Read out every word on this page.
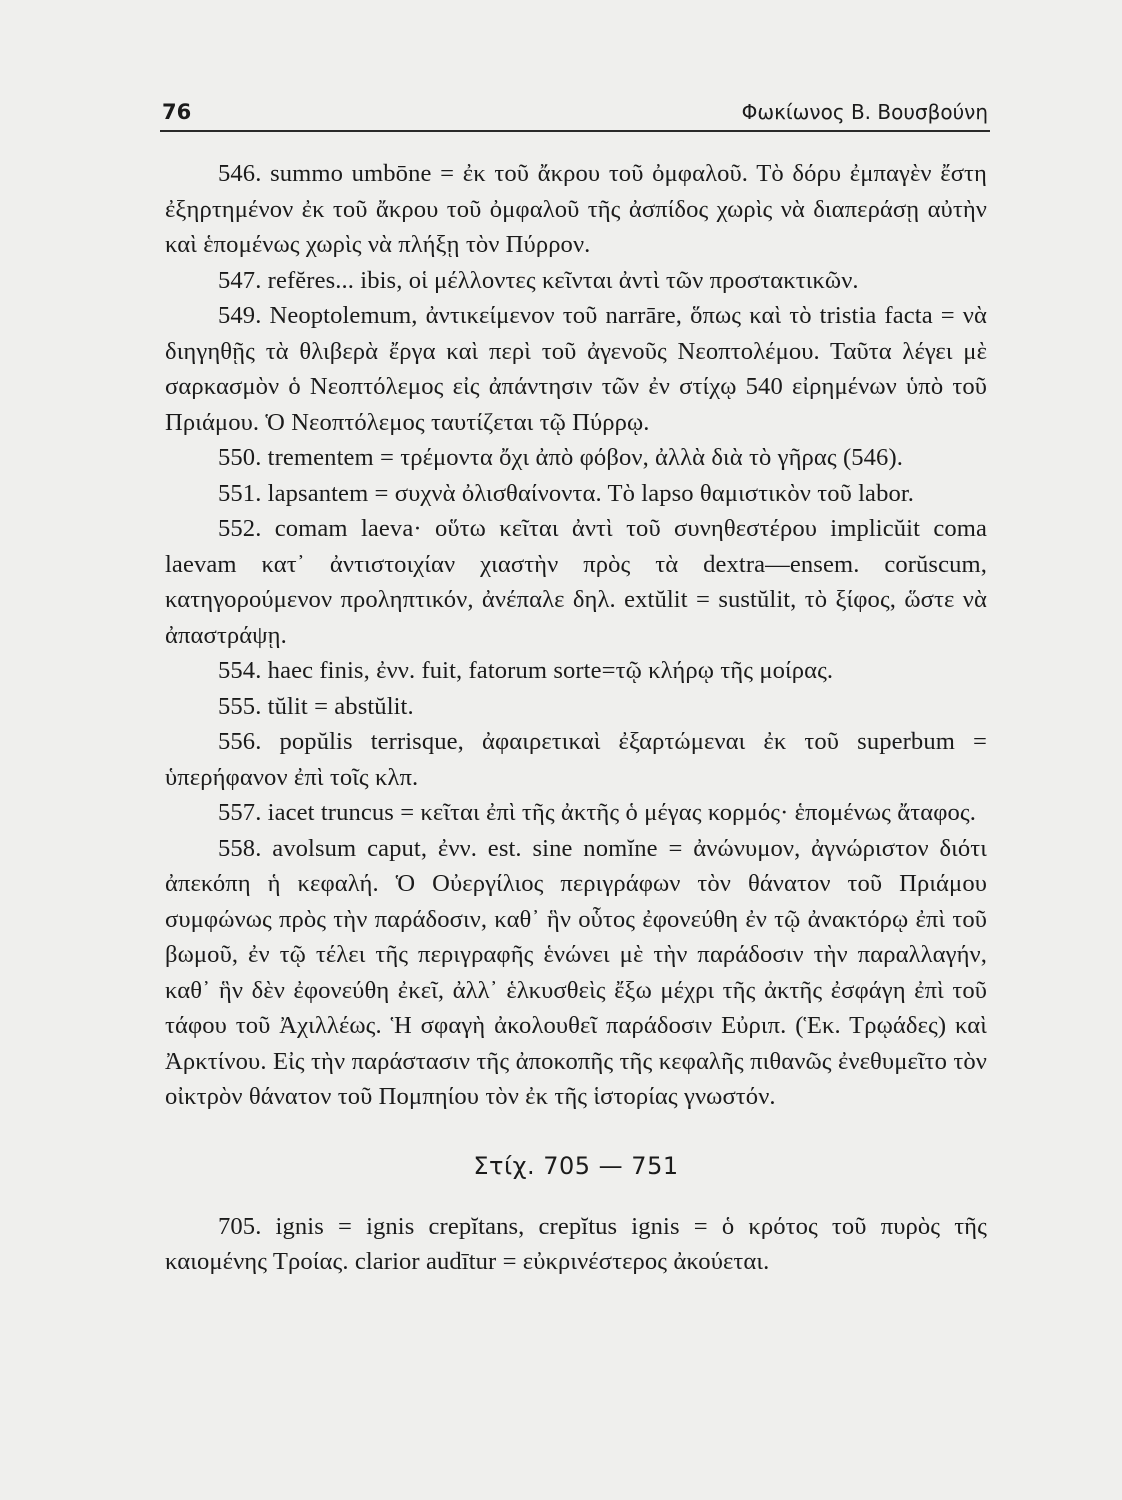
76	Φωκίωνος Β. Βουσβούνη

546. summo umbōne = ἐκ τοῦ ἄκρου τοῦ ὀμφαλοῦ. Τὸ δόρυ ἐμπαγὲν ἔστη ἐξηρτημένον ἐκ τοῦ ἄκρου τοῦ ὀμφαλοῦ τῆς ἀσπίδος χωρὶς νὰ διαπεράσῃ αὐτὴν καὶ ἑπομένως χωρὶς νὰ πλήξῃ τὸν Πύρρον.

547. refĕres... ibis, οἱ μέλλοντες κεῖνται ἀντὶ τῶν προστακτικῶν.

549. Neoptolemum, ἀντικείμενον τοῦ narrāre, ὅπως καὶ τὸ tristia facta = νὰ διηγηθῇς τὰ θλιβερὰ ἔργα καὶ περὶ τοῦ ἀγενοῦς Νεοπτολέμου. Ταῦτα λέγει μὲ σαρκασμὸν ὁ Νεοπτόλεμος εἰς ἀπάντησιν τῶν ἐν στίχῳ 540 εἰρημένων ὑπὸ τοῦ Πριάμου. Ὁ Νεοπτόλεμος ταυτίζεται τῷ Πύρρῳ.

550. trementem = τρέμοντα ὄχι ἀπὸ φόβον, ἀλλὰ διὰ τὸ γῆρας (546).

551. lapsantem = συχνὰ ὀλισθαίνοντα. Τὸ lapso θαμιστικὸν τοῦ labor.

552. comam laeva· οὕτω κεῖται ἀντὶ τοῦ συνηθεστέρου implicŭit coma laevam κατ᾽ ἀντιστοιχίαν χιαστὴν πρὸς τὰ dextra—ensem. corŭscum, κατηγορούμενον προληπτικόν, ἀνέπαλε δηλ. extŭlit = sustŭlit, τὸ ξίφος, ὥστε νὰ ἀπαστράψῃ.

554. haec finis, ἐνν. fuit, fatorum sorte=τῷ κλήρῳ τῆς μοίρας.

555. tŭlit = abstŭlit.

556. popŭlis terrisque, ἀφαιρετικαὶ ἐξαρτώμεναι ἐκ τοῦ superbum = ὑπερήφανον ἐπὶ τοῖς κλπ.

557. iacet truncus = κεῖται ἐπὶ τῆς ἀκτῆς ὁ μέγας κορμός· ἑπομένως ἄταφος.

558. avolsum caput, ἐνν. est. sine nomĭne = ἀνώνυμον, ἀγνώριστον διότι ἀπεκόπη ἡ κεφαλή. Ὁ Οὐεργίλιος περιγράφων τὸν θάνατον τοῦ Πριάμου συμφώνως πρὸς τὴν παράδοσιν, καθ᾽ ἣν οὗτος ἐφονεύθη ἐν τῷ ἀνακτόρῳ ἐπὶ τοῦ βωμοῦ, ἐν τῷ τέλει τῆς περιγραφῆς ἑνώνει μὲ τὴν παράδοσιν τὴν παραλλαγήν, καθ᾽ ἣν δὲν ἐφονεύθη ἐκεῖ, ἀλλ᾽ ἑλκυσθεὶς ἔξω μέχρι τῆς ἀκτῆς ἐσφάγη ἐπὶ τοῦ τάφου τοῦ Ἀχιλλέως. Ἡ σφαγὴ ἀκολουθεῖ παράδοσιν Εὐριπ. (Ἑκ. Τρῳάδες) καὶ Ἀρκτίνου. Εἰς τὴν παράστασιν τῆς ἀποκοπῆς τῆς κεφαλῆς πιθανῶς ἐνεθυμεῖτο τὸν οἰκτρὸν θάνατον τοῦ Πομπηίου τὸν ἐκ τῆς ἱστορίας γνωστόν.

Στίχ. 705 — 751

705. ignis = ignis crepĭtans, crepĭtus ignis = ὁ κρότος τοῦ πυρὸς τῆς καιομένης Τροίας. clarior audītur = εὐκρινέστερος ἀκούεται.
